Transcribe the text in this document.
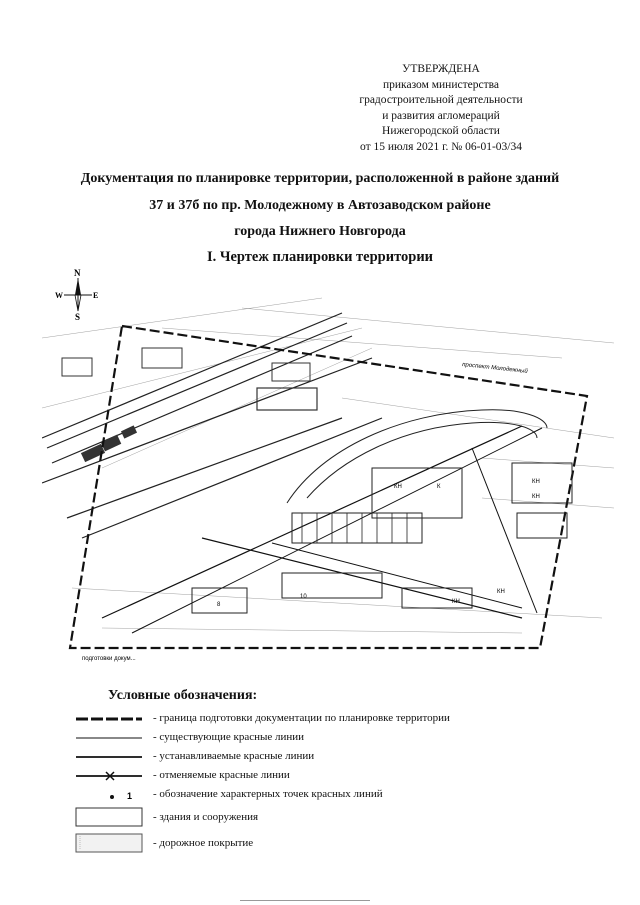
УТВЕРЖДЕНА
приказом министерства
градостроительной деятельности
и развития агломераций
Нижегородской области
от 15 июля 2021 г. № 06-01-03/34
Документация по планировке территории, расположенной в районе зданий
37 и 37б по пр. Молодежному в Автозаводском районе
города Нижнего Новгорода
I. Чертеж планировки территории
N
S
W	E
проспект Молодежный
КН	К
КН
КН
КН
КН
10
8
подготовки докум...
Условные обозначения:
- граница подготовки документации по планировке территории
- существующие красные линии
- устанавливаемые красные линии
- отменяемые красные линии
1 - обозначение характерных точек красных линий
- здания и сооружения
- дорожное покрытие
